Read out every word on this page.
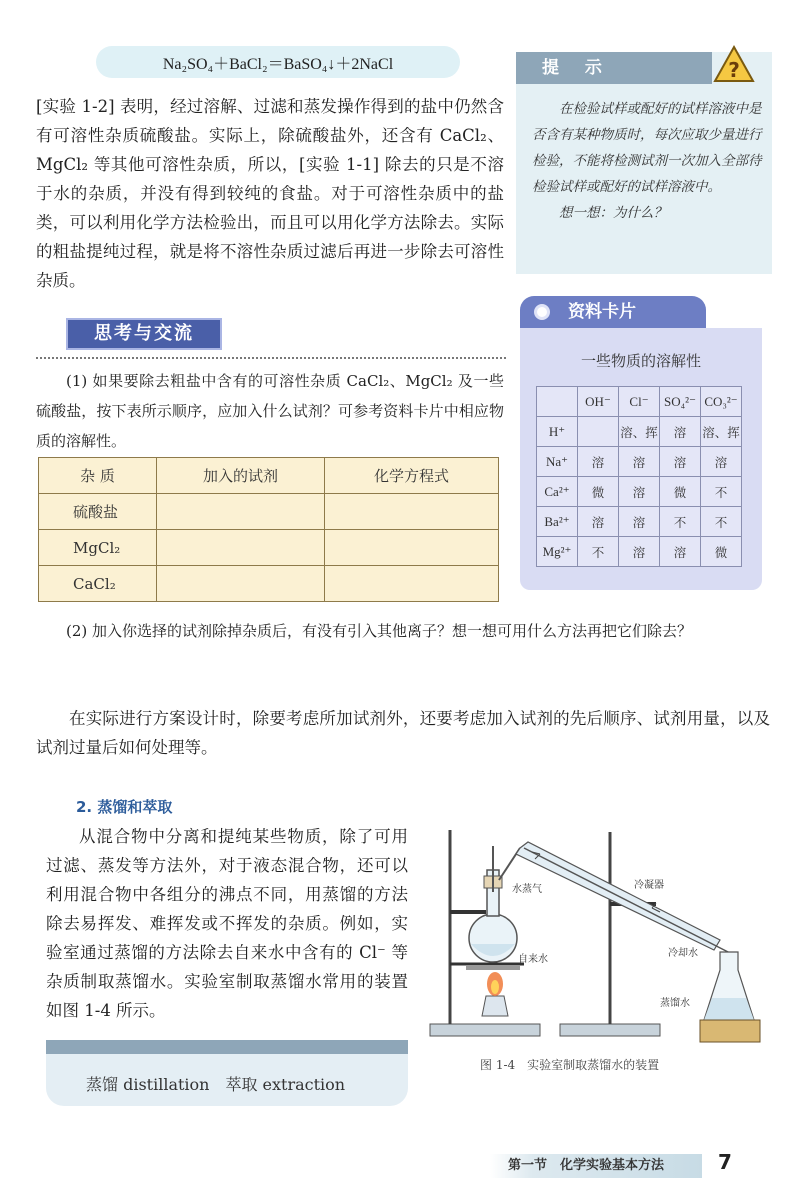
Na₂SO₄＋BaCl₂＝BaSO₄↓＋2NaCl

[实验 1-2] 表明，经过溶解、过滤和蒸发操作得到的盐中仍然含有可溶性杂质硫酸盐。实际上，除硫酸盐外，还含有 CaCl₂、MgCl₂ 等其他可溶性杂质，所以，[实验 1-1] 除去的只是不溶于水的杂质，并没有得到较纯的食盐。对于可溶性杂质中的盐类，可以利用化学方法检验出，而且可以用化学方法除去。实际的粗盐提纯过程，就是将不溶性杂质过滤后再进一步除去可溶性杂质。

提 示	?

在检验试样或配好的试样溶液中是否含有某种物质时，每次应取少量进行检验，不能将检测试剂一次加入全部待检验试样或配好的试样溶液中。

想一想：为什么？

资料卡片
一些物质的溶解性
	OH⁻	Cl⁻	SO₄²⁻	CO₃²⁻
H⁺		溶、挥	溶	溶、挥
Na⁺	溶	溶	溶	溶
Ca²⁺	微	溶	微	不
Ba²⁺	溶	溶	不	不
Mg²⁺	不	溶	溶	微
思考与交流

(1) 如果要除去粗盐中含有的可溶性杂质 CaCl₂、MgCl₂ 及一些硫酸盐，按下表所示顺序，应加入什么试剂？可参考资料卡片中相应物质的溶解性。

杂 质	加入的试剂	化学方程式
硫酸盐		
MgCl₂		
CaCl₂		

(2) 加入你选择的试剂除掉杂质后，有没有引入其他离子？想一想可用什么方法再把它们除去？

在实际进行方案设计时，除要考虑所加试剂外，还要考虑加入试剂的先后顺序、试剂用量，以及试剂过量后如何处理等。

2. 蒸馏和萃取

从混合物中分离和提纯某些物质，除了可用过滤、蒸发等方法外，对于液态混合物，还可以利用混合物中各组分的沸点不同，用蒸馏的方法除去易挥发、难挥发或不挥发的杂质。例如，实验室通过蒸馏的方法除去自来水中含有的 Cl⁻ 等杂质制取蒸馏水。实验室制取蒸馏水常用的装置如图 1-4 所示。

蒸馏 distillation　萃取 extraction
水蒸气	冷凝器
自来水
冷却水
蒸馏水
图 1-4　实验室制取蒸馏水的装置
第一节　化学实验基本方法	7
